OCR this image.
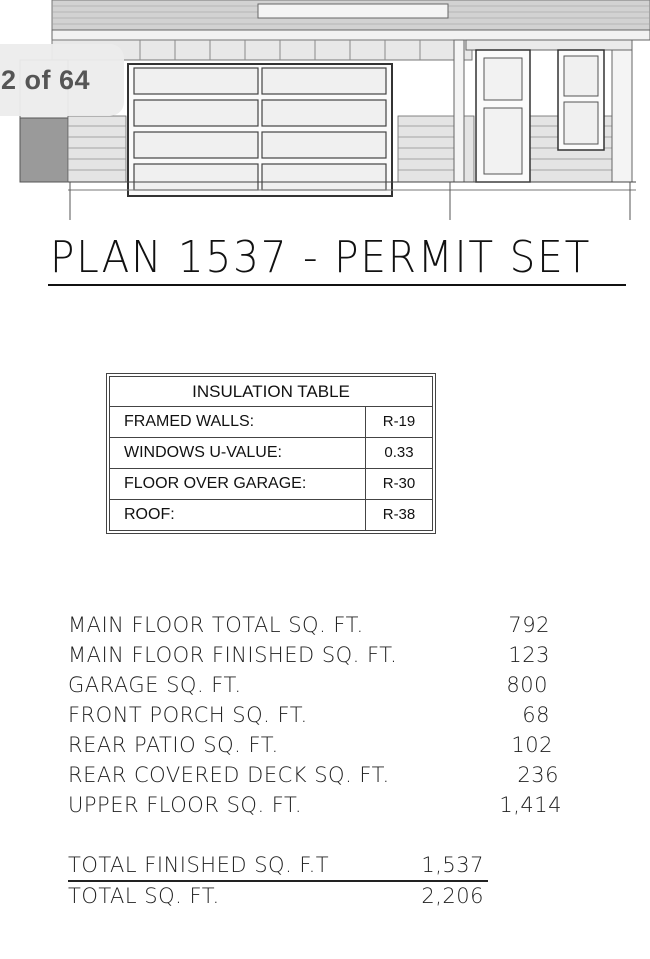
2 of 64
PLAN 1537 - PERMIT SET
INSULATION TABLE
FRAMED WALLS:	R-19
WINDOWS U-VALUE:	0.33
FLOOR OVER GARAGE:	R-30
ROOF:	R-38
MAIN FLOOR TOTAL SQ. FT.	792
MAIN FLOOR FINISHED SQ. FT.	123
GARAGE SQ. FT.	800
FRONT PORCH SQ. FT.	68
REAR PATIO SQ. FT.	102
REAR COVERED DECK SQ. FT.	236
UPPER FLOOR SQ. FT.	1,414
TOTAL FINISHED SQ. F.T	1,537
TOTAL SQ. FT.	2,206
